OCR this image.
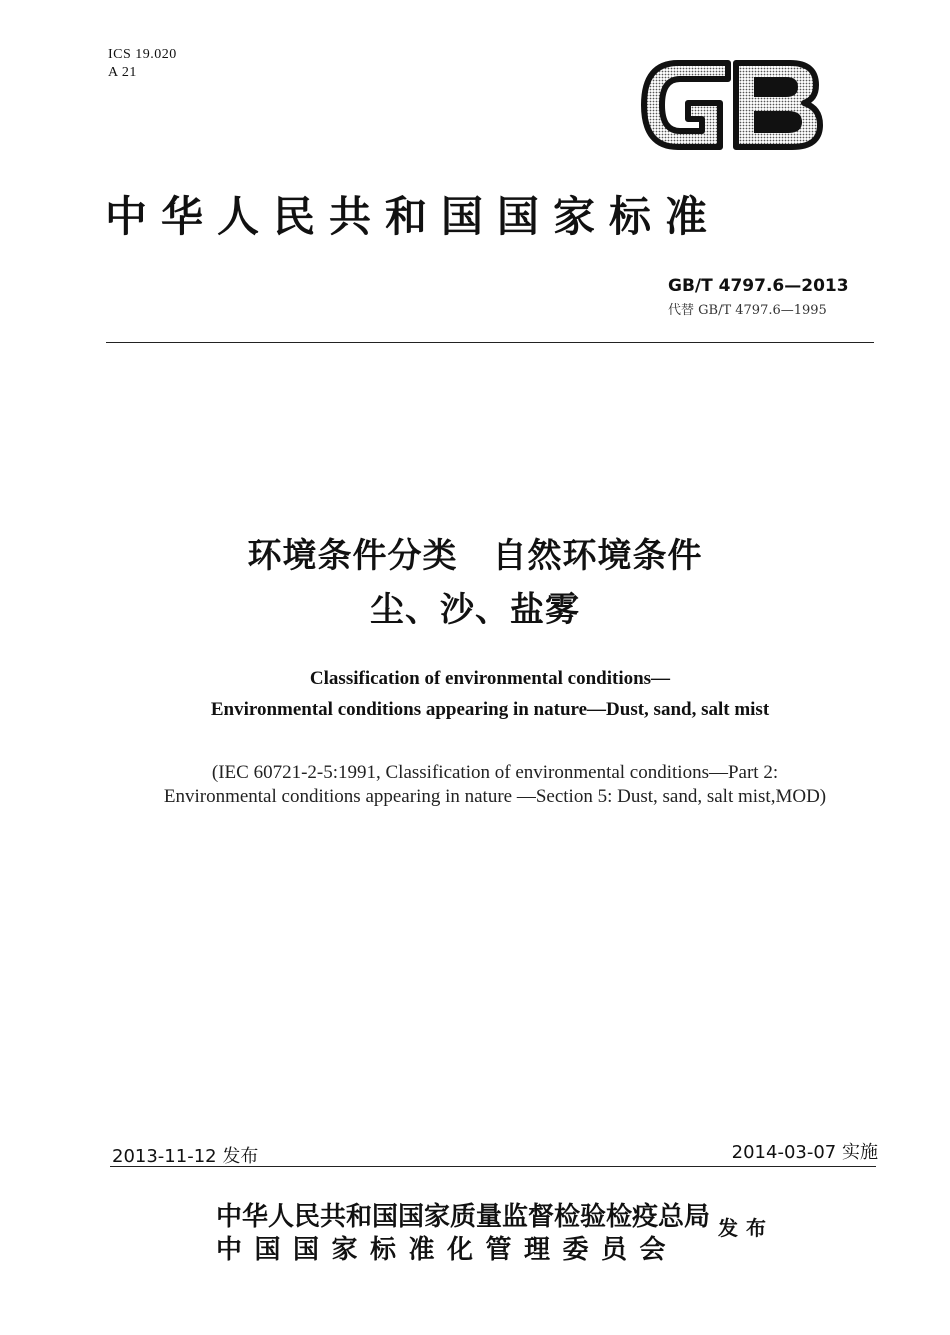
ICS 19.020
A 21
中华人民共和国国家标准
GB/T 4797.6—2013
代替 GB/T 4797.6—1995
环境条件分类　自然环境条件
尘、沙、盐雾
Classification of environmental conditions—
Environmental conditions appearing in nature—Dust, sand, salt mist
(IEC 60721-2-5:1991, Classification of environmental conditions—Part 2:
Environmental conditions appearing in nature —Section 5: Dust, sand, salt mist,MOD)
2013-11-12 发布	2014-03-07 实施
中华人民共和国国家质量监督检验检疫总局
中国国家标准化管理委员会
发布
